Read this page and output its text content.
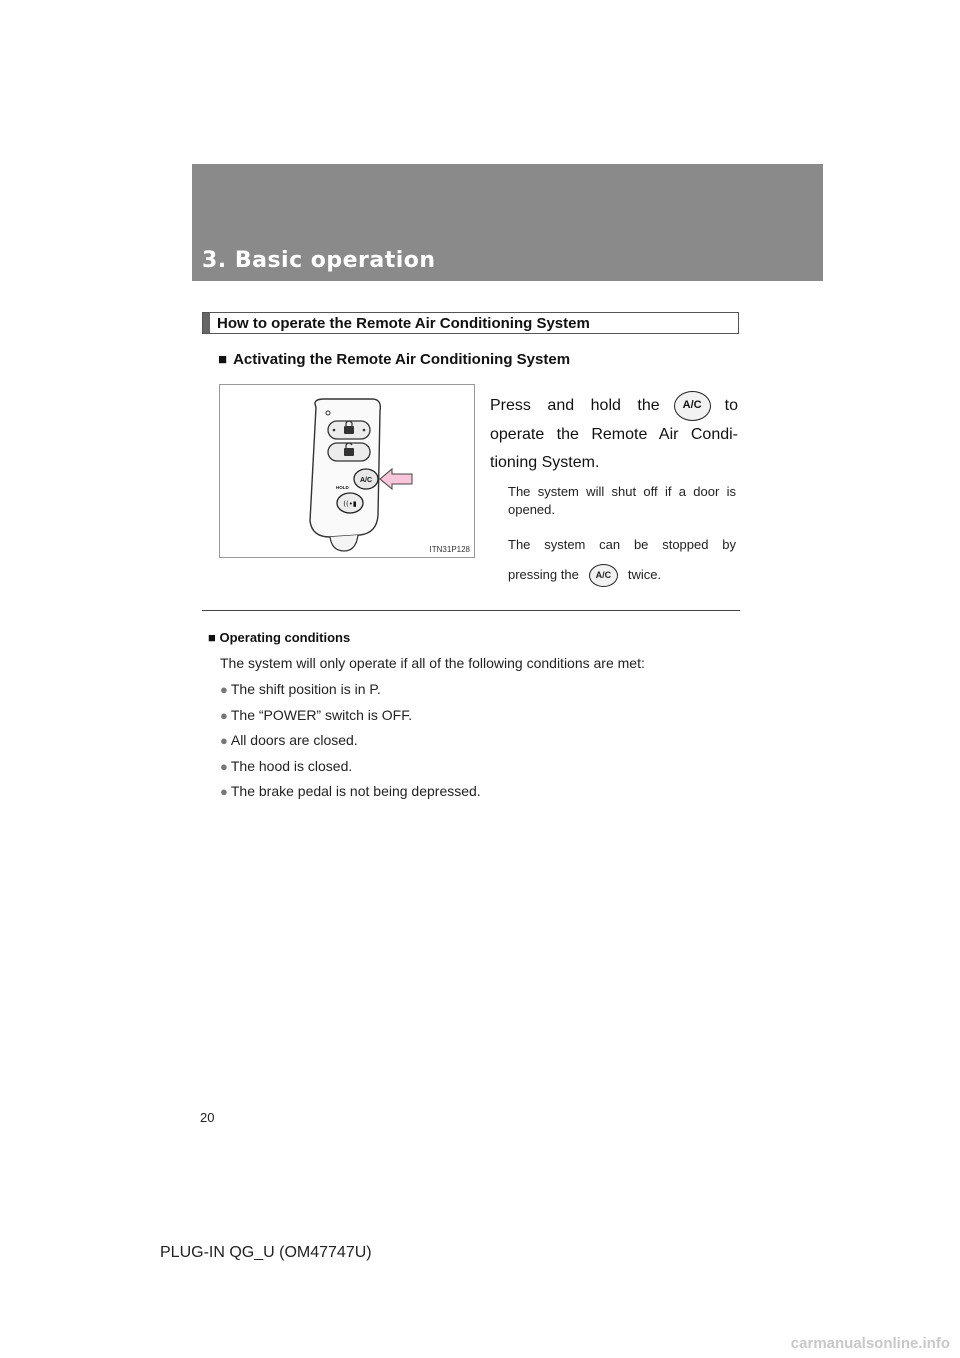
3. Basic operation
How to operate the Remote Air Conditioning System
■ Activating the Remote Air Conditioning System
A/C
HOLD
((•▮
ITN31P128
Press and hold the A/C to operate the Remote Air Condi-tioning System.
The system will shut off if a door is opened.
The system can be stopped by pressing the A/C twice.
■ Operating conditions
The system will only operate if all of the following conditions are met:
● The shift position is in P.
● The “POWER” switch is OFF.
● All doors are closed.
● The hood is closed.
● The brake pedal is not being depressed.
20
PLUG-IN QG_U (OM47747U)
carmanualsonline.info
